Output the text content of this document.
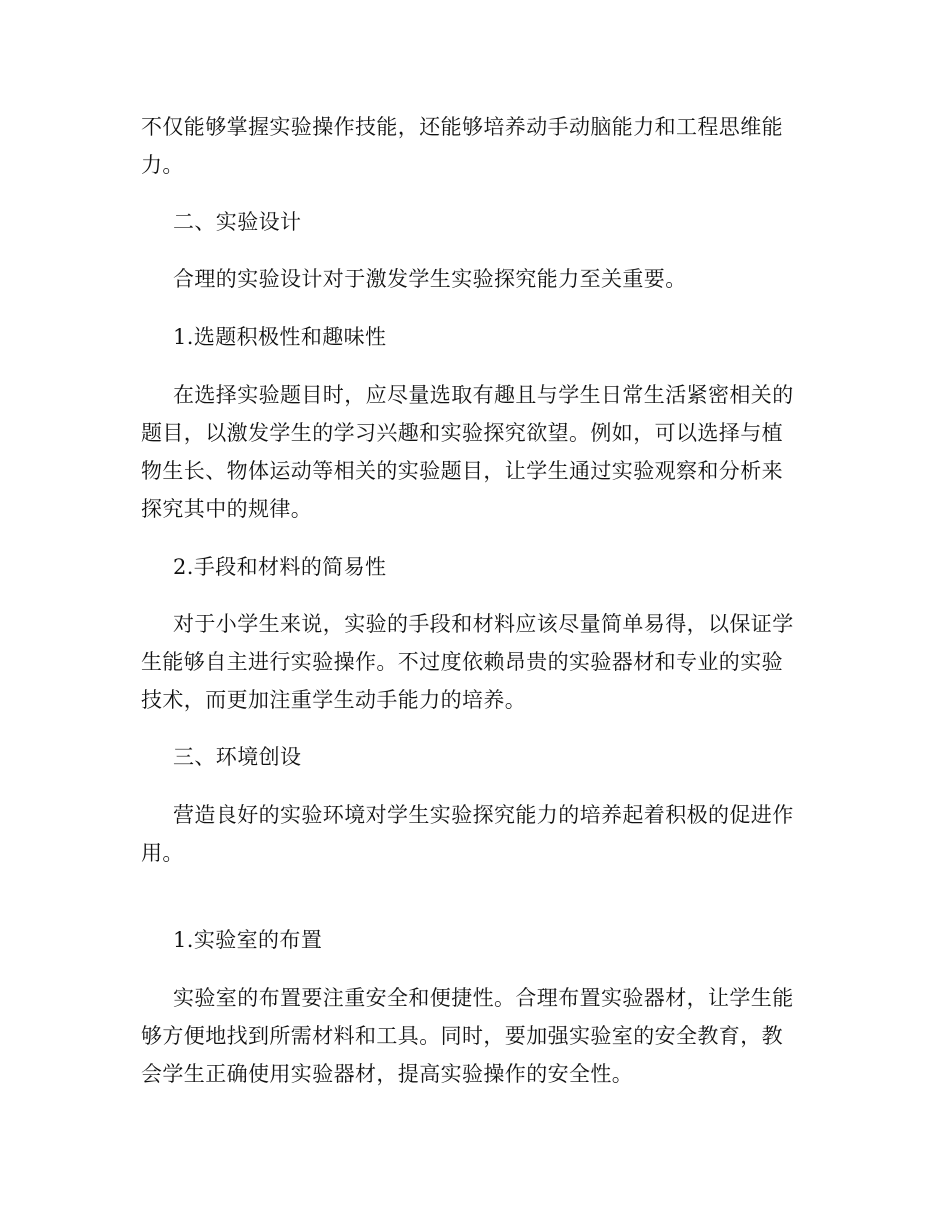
不仅能够掌握实验操作技能，还能够培养动手动脑能力和工程思维能
力。
二、实验设计
合理的实验设计对于激发学生实验探究能力至关重要。
1.选题积极性和趣味性
在选择实验题目时，应尽量选取有趣且与学生日常生活紧密相关的
题目，以激发学生的学习兴趣和实验探究欲望。例如，可以选择与植
物生长、物体运动等相关的实验题目，让学生通过实验观察和分析来
探究其中的规律。
2.手段和材料的简易性
对于小学生来说，实验的手段和材料应该尽量简单易得，以保证学
生能够自主进行实验操作。不过度依赖昂贵的实验器材和专业的实验
技术，而更加注重学生动手能力的培养。
三、环境创设
营造良好的实验环境对学生实验探究能力的培养起着积极的促进作
用。
1.实验室的布置
实验室的布置要注重安全和便捷性。合理布置实验器材，让学生能
够方便地找到所需材料和工具。同时，要加强实验室的安全教育，教
会学生正确使用实验器材，提高实验操作的安全性。
